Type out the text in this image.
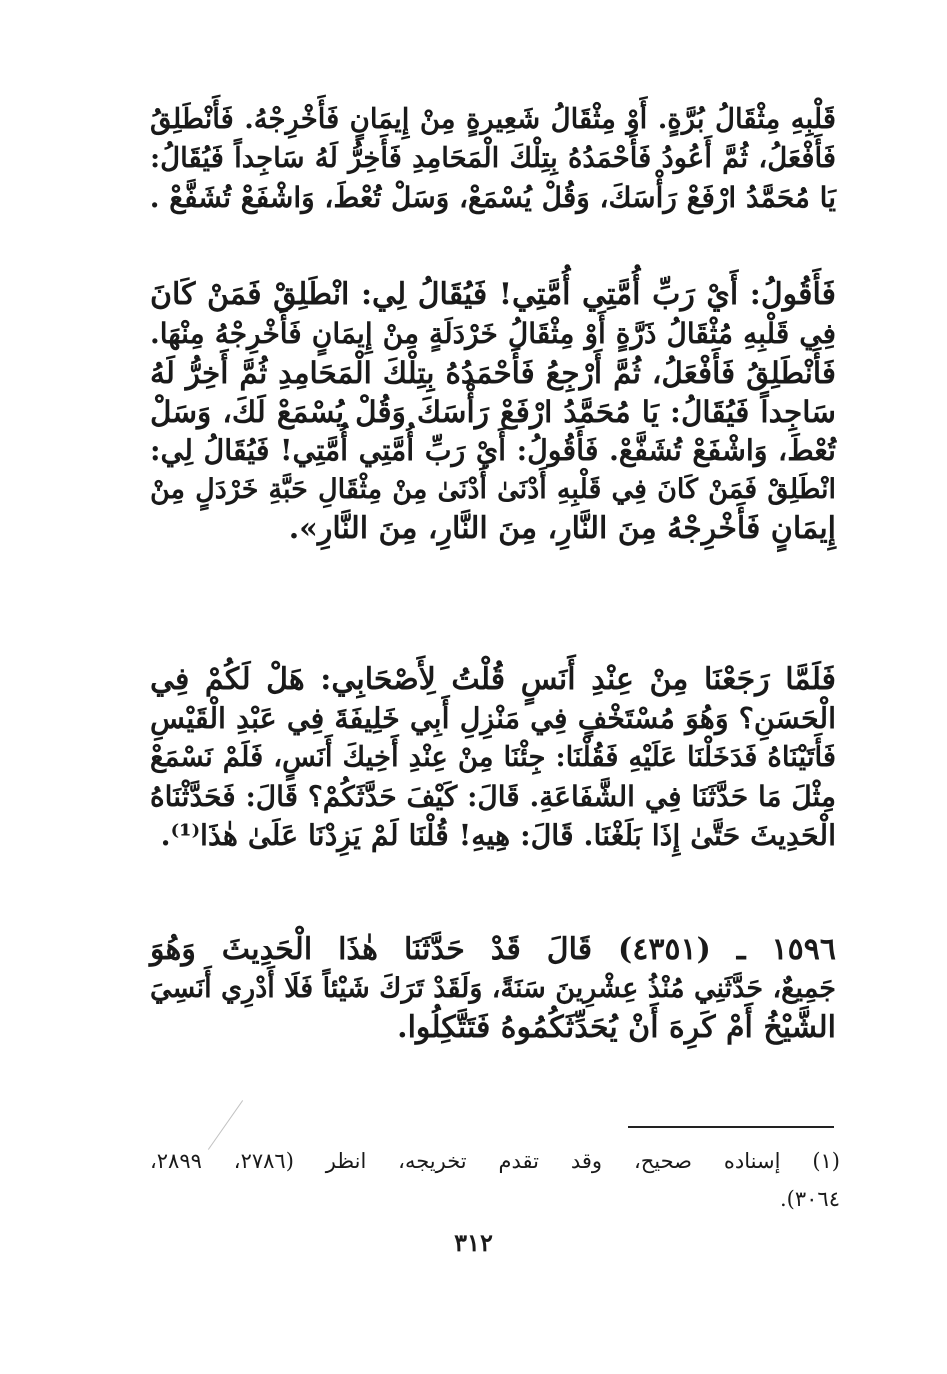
قَلْبِهِ مِثْقَالُ بُرَّةٍ. أَوْ مِثْقَالُ شَعِيرةٍ مِنْ إِيمَانٍ فَأَخْرِجْهُ. فَأَنْطَلِقُ
فَأَفْعَلُ، ثُمَّ أَعُودُ فَأَحْمَدُهُ بِتِلْكَ الْمَحَامِدِ فَأَخِرُّ لَهُ سَاجِداً فَيُقَالُ:
يَا مُحَمَّدُ ارْفَعْ رَأْسَكَ، وَقُلْ يُسْمَعْ، وَسَلْ تُعْطَ، وَاشْفَعْ تُشَفَّعْ .
فَأَقُولُ: أَيْ رَبِّ أُمَّتِي أُمَّتِي! فَيُقَالُ لِي: انْطَلِقْ فَمَنْ كَانَ
فِي قَلْبِهِ مُثْقَالُ ذَرَّةٍ أَوْ مِثْقَالُ خَرْدَلَةٍ مِنْ إِيمَانٍ فَأَخْرِجْهُ مِنْهَا.
فَأَنْطَلِقُ فَأَفْعَلُ، ثُمَّ أَرْجِعُ فَأَحْمَدُهُ بِتِلْكَ الْمَحَامِدِ ثُمَّ أَخِرُّ لَهُ
سَاجِداً فَيُقَالُ: يَا مُحَمَّدُ ارْفَعْ رَأْسَكَ وَقُلْ يُسْمَعْ لَكَ، وَسَلْ
تُعْطَ، وَاشْفَعْ تُشَفَّعْ. فَأَقُولُ: أَيْ رَبِّ أُمَّتِي أُمَّتِي! فَيُقَالُ لِي:
انْطَلِقْ فَمَنْ كَانَ فِي قَلْبِهِ أَدْنَىٰ أَدْنَىٰ مِنْ مِثْقَالِ حَبَّةِ خَرْدَلٍ مِنْ
إِيمَانٍ فَأَخْرِجْهُ مِنَ النَّارِ، مِنَ النَّارِ، مِنَ النَّارِ».
فَلَمَّا رَجَعْنَا مِنْ عِنْدِ أَنَسٍ قُلْتُ لِأَصْحَابِي: هَلْ لَكُمْ فِي
الْحَسَنِ؟ وَهُوَ مُسْتَخْفٍ فِي مَنْزِلِ أَبِي خَلِيفَةَ فِي عَبْدِ الْقَيْسِ
فَأَتَيْنَاهُ فَدَخَلْنَا عَلَيْهِ فَقُلْنَا: جِئْنَا مِنْ عِنْدِ أَخِيكَ أَنَسٍ، فَلَمْ نَسْمَعْ
مِثْلَ مَا حَدَّثَنَا فِي الشَّفَاعَةِ. قَالَ: كَيْفَ حَدَّثَكُمْ؟ قَالَ: فَحَدَّثْنَاهُ
الْحَدِيثَ حَتَّىٰ إِذَا بَلَغْنَا. قَالَ: هِيهِ! قُلْنَا لَمْ يَزِدْنَا عَلَىٰ هٰذَا⁽¹⁾.
١٥٩٦ ـ (٤٣٥١) قَالَ قَدْ حَدَّثَنَا هٰذَا الْحَدِيثَ وَهُوَ
جَمِيعٌ، حَدَّثَنِي مُنْذُ عِشْرِينَ سَنَةً، وَلَقَدْ تَرَكَ شَيْئاً فَلَا أَدْرِي أَنَسِيَ
الشَّيْخُ أَمْ كَرِهَ أَنْ يُحَدِّثَكُمُوهُ فَتَتَّكِلُوا.
(١) إسناده صحيح، وقد تقدم تخريجه، انظر (٢٧٨٦، ٢٨٩٩،
٣٠٦٤).
٣١٢
